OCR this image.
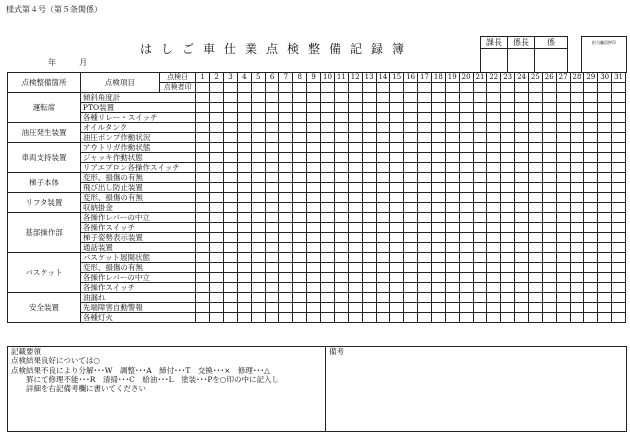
様式第４号（第５条関係）
はしご車仕業点検整備記録簿
年	月
課長	係長	係		担当職員押印

点検整備箇所	点検項目	点検日	1	2	3	4	5	6	7	8	9	10	11	12	13	14	15	16	17	18	19	20	21	22	23	24	25	26	27	28	29	30	31
		点検者印																															
運転席	傾斜角度計																																
	PTO装置																																
	各種リレー・スイッチ																																
油圧発生装置	オイルタンク																																
	油圧ポンプ作動状況																																
車両支持装置	アウトリガ作動状態																																
	ジャッキ作動状態																																
	リアエプロン各操作スイッチ																																
梯子本体	変形、損傷の有無																																
	飛び出し防止装置																																
リフタ装置	変形、損傷の有無																																
	収納掛金																																
基部操作部	各操作レバーの中立																																
	各操作スイッチ																																
	梯子姿勢表示装置																																
	通話装置																																
バスケット	バスケット展開状態																																
	変形、損傷の有無																																
	各操作レバーの中立																																
	各操作スイッチ																																
安全装置	油漏れ																																
	先端障害自動警報																																
	各種灯火																																
記載要領
点検結果良好については○
点検結果不良により分解･･･W　調整･･･A　締付･･･T　交換･･･×　修理･･･△
　　罫にて修理不能･･･R　清掃･･･C　給油･･･L　塗装･･･Pを○印の中に記入し
　　詳細を右記備考欄に書いてください

備考
